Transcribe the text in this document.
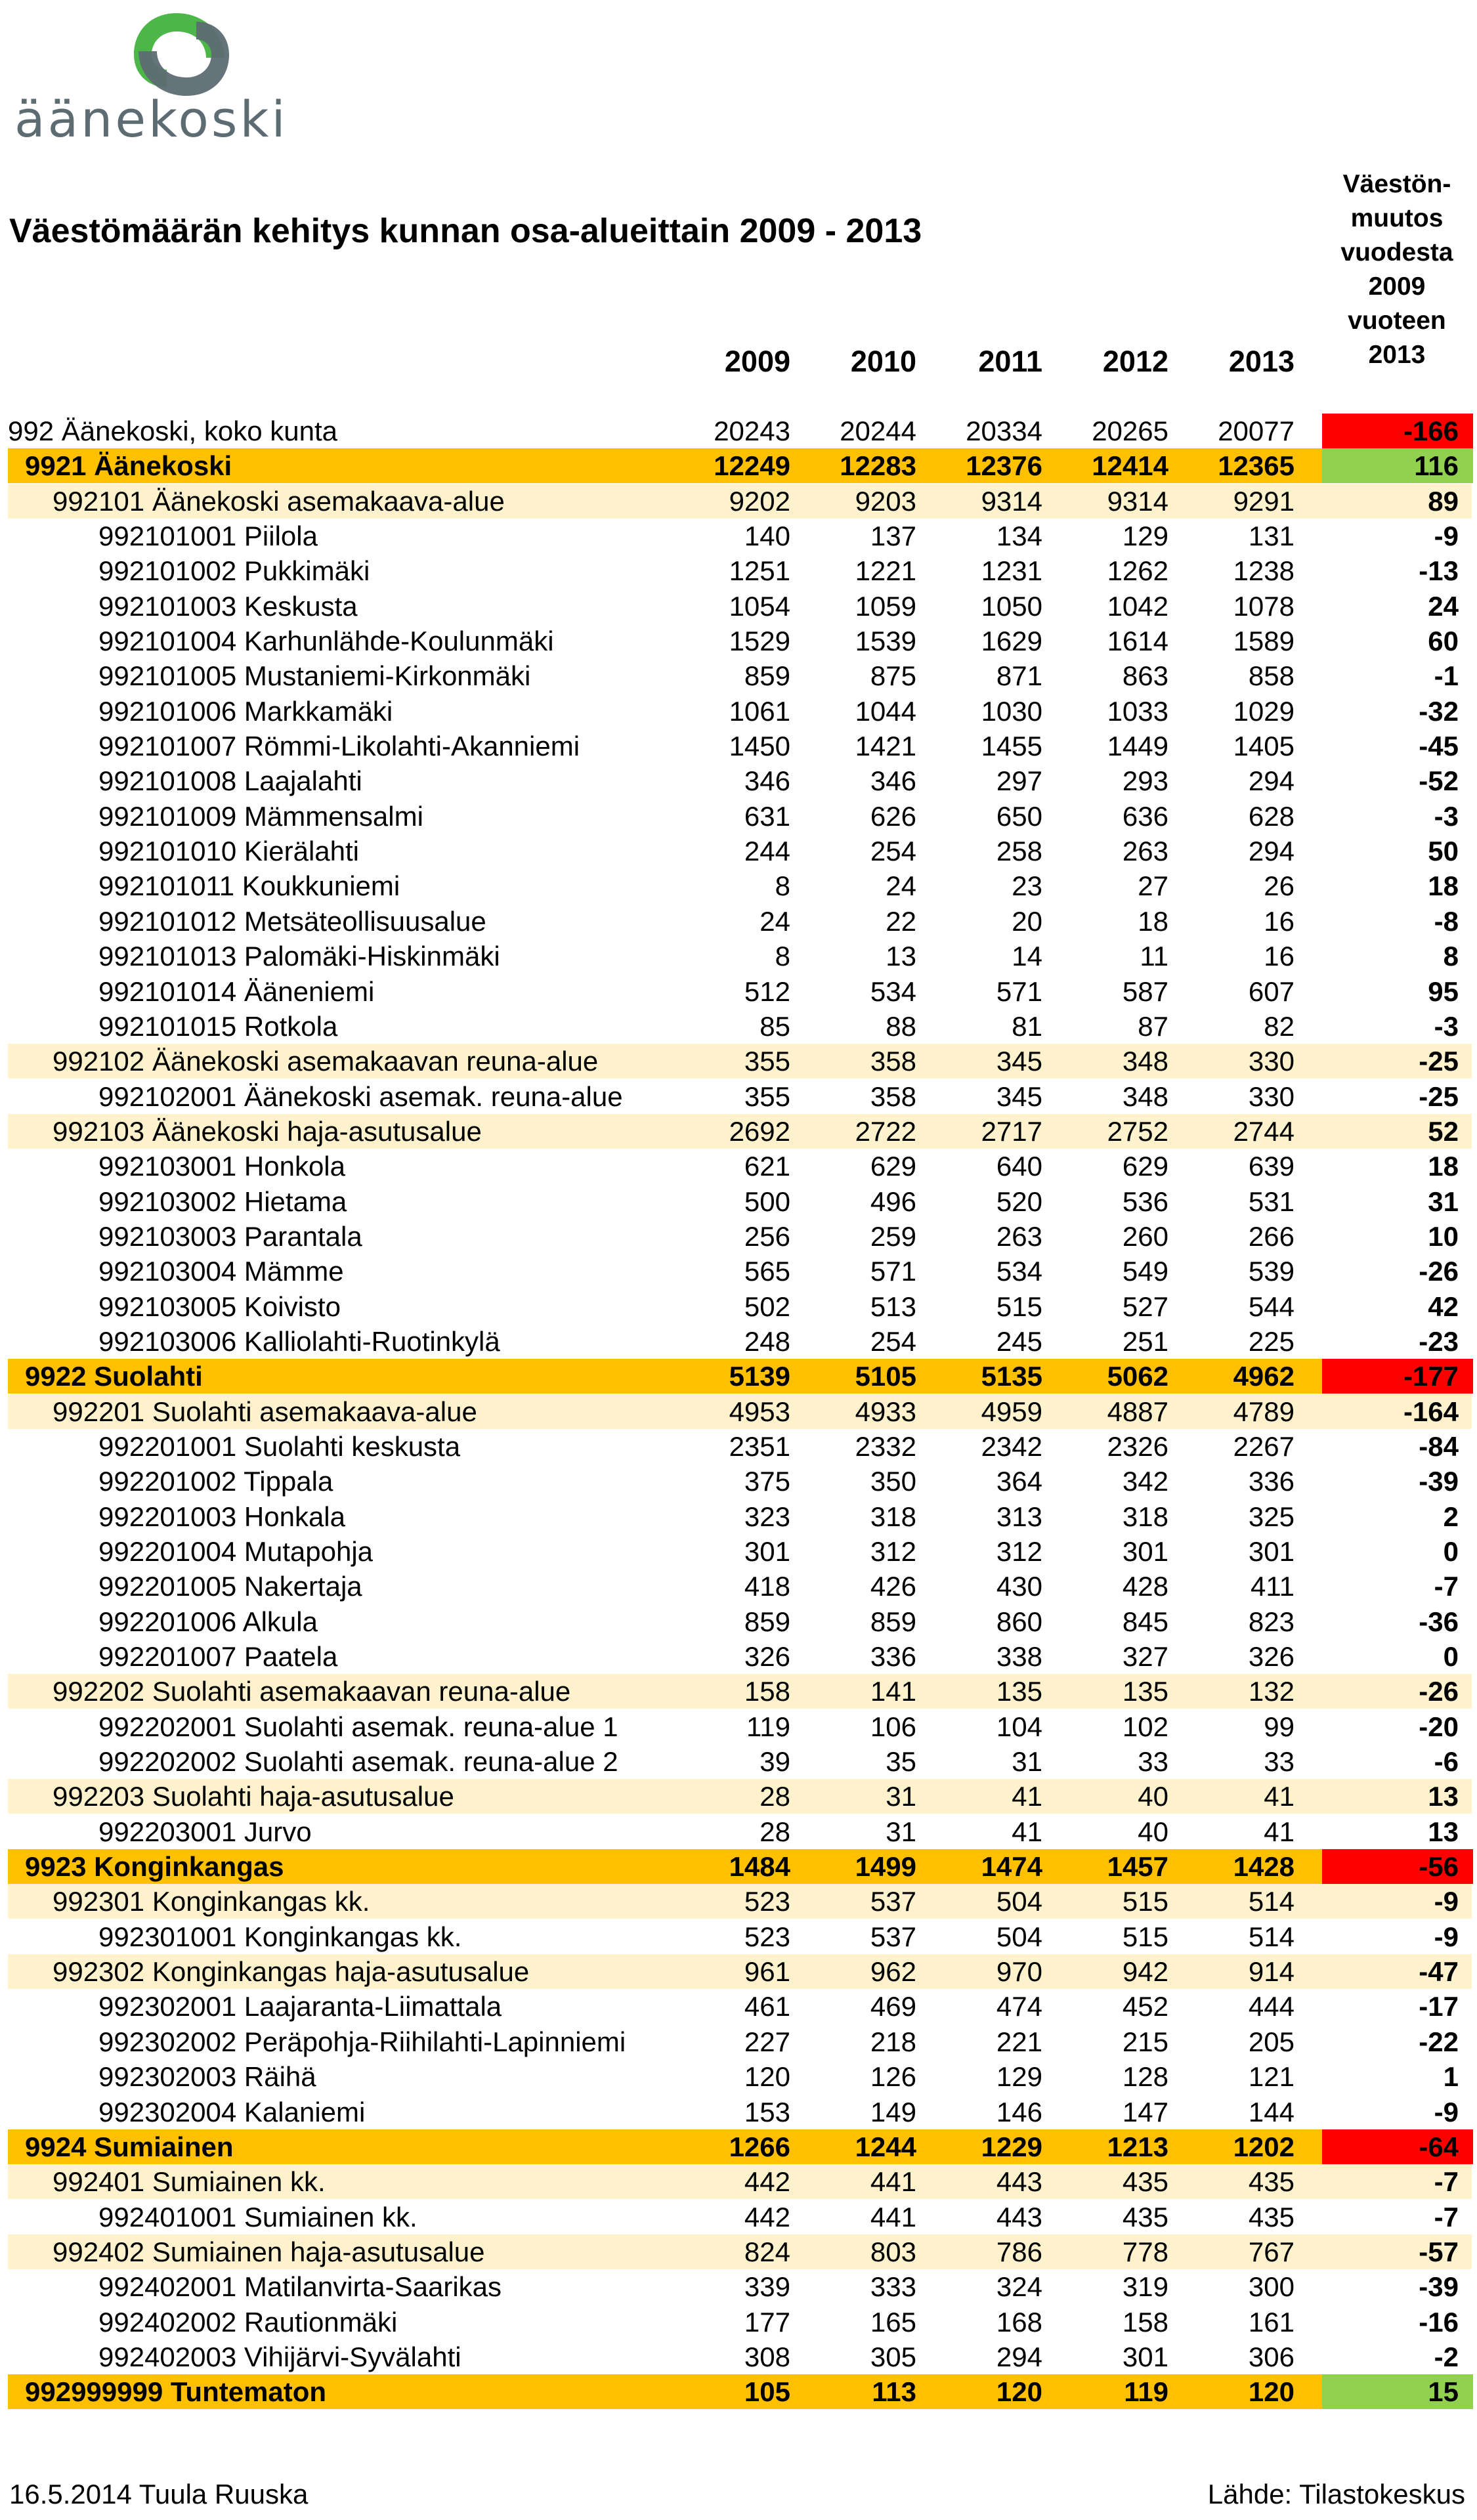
äänekoski
Väestömäärän kehitys kunnan osa-alueittain 2009 - 2013
Väestön-
muutos
vuodesta
2009
vuoteen
2013
2009	2010	2011	2012	2013
992 Äänekoski, koko kunta	20243	20244	20334	20265	20077	-166
9921 Äänekoski	12249	12283	12376	12414	12365	116
992101 Äänekoski asemakaava-alue	9202	9203	9314	9314	9291	89
992101001 Piilola	140	137	134	129	131	-9
992101002 Pukkimäki	1251	1221	1231	1262	1238	-13
992101003 Keskusta	1054	1059	1050	1042	1078	24
992101004 Karhunlähde-Koulunmäki	1529	1539	1629	1614	1589	60
992101005 Mustaniemi-Kirkonmäki	859	875	871	863	858	-1
992101006 Markkamäki	1061	1044	1030	1033	1029	-32
992101007 Römmi-Likolahti-Akanniemi	1450	1421	1455	1449	1405	-45
992101008 Laajalahti	346	346	297	293	294	-52
992101009 Mämmensalmi	631	626	650	636	628	-3
992101010 Kierälahti	244	254	258	263	294	50
992101011 Koukkuniemi	8	24	23	27	26	18
992101012 Metsäteollisuusalue	24	22	20	18	16	-8
992101013 Palomäki-Hiskinmäki	8	13	14	11	16	8
992101014 Ääneniemi	512	534	571	587	607	95
992101015 Rotkola	85	88	81	87	82	-3
992102 Äänekoski asemakaavan reuna-alue	355	358	345	348	330	-25
992102001 Äänekoski asemak. reuna-alue	355	358	345	348	330	-25
992103 Äänekoski haja-asutusalue	2692	2722	2717	2752	2744	52
992103001 Honkola	621	629	640	629	639	18
992103002 Hietama	500	496	520	536	531	31
992103003 Parantala	256	259	263	260	266	10
992103004 Mämme	565	571	534	549	539	-26
992103005 Koivisto	502	513	515	527	544	42
992103006 Kalliolahti-Ruotinkylä	248	254	245	251	225	-23
9922 Suolahti	5139	5105	5135	5062	4962	-177
992201 Suolahti asemakaava-alue	4953	4933	4959	4887	4789	-164
992201001 Suolahti keskusta	2351	2332	2342	2326	2267	-84
992201002 Tippala	375	350	364	342	336	-39
992201003 Honkala	323	318	313	318	325	2
992201004 Mutapohja	301	312	312	301	301	0
992201005 Nakertaja	418	426	430	428	411	-7
992201006 Alkula	859	859	860	845	823	-36
992201007 Paatela	326	336	338	327	326	0
992202 Suolahti asemakaavan reuna-alue	158	141	135	135	132	-26
992202001 Suolahti asemak. reuna-alue 1	119	106	104	102	99	-20
992202002 Suolahti asemak. reuna-alue 2	39	35	31	33	33	-6
992203 Suolahti haja-asutusalue	28	31	41	40	41	13
992203001 Jurvo	28	31	41	40	41	13
9923 Konginkangas	1484	1499	1474	1457	1428	-56
992301 Konginkangas kk.	523	537	504	515	514	-9
992301001 Konginkangas kk.	523	537	504	515	514	-9
992302 Konginkangas haja-asutusalue	961	962	970	942	914	-47
992302001 Laajaranta-Liimattala	461	469	474	452	444	-17
992302002 Peräpohja-Riihilahti-Lapinniemi	227	218	221	215	205	-22
992302003 Räihä	120	126	129	128	121	1
992302004 Kalaniemi	153	149	146	147	144	-9
9924 Sumiainen	1266	1244	1229	1213	1202	-64
992401 Sumiainen kk.	442	441	443	435	435	-7
992401001 Sumiainen kk.	442	441	443	435	435	-7
992402 Sumiainen haja-asutusalue	824	803	786	778	767	-57
992402001 Matilanvirta-Saarikas	339	333	324	319	300	-39
992402002 Rautionmäki	177	165	168	158	161	-16
992402003 Vihijärvi-Syvälahti	308	305	294	301	306	-2
992999999 Tuntematon	105	113	120	119	120	15
16.5.2014 Tuula Ruuska	Lähde: Tilastokeskus
